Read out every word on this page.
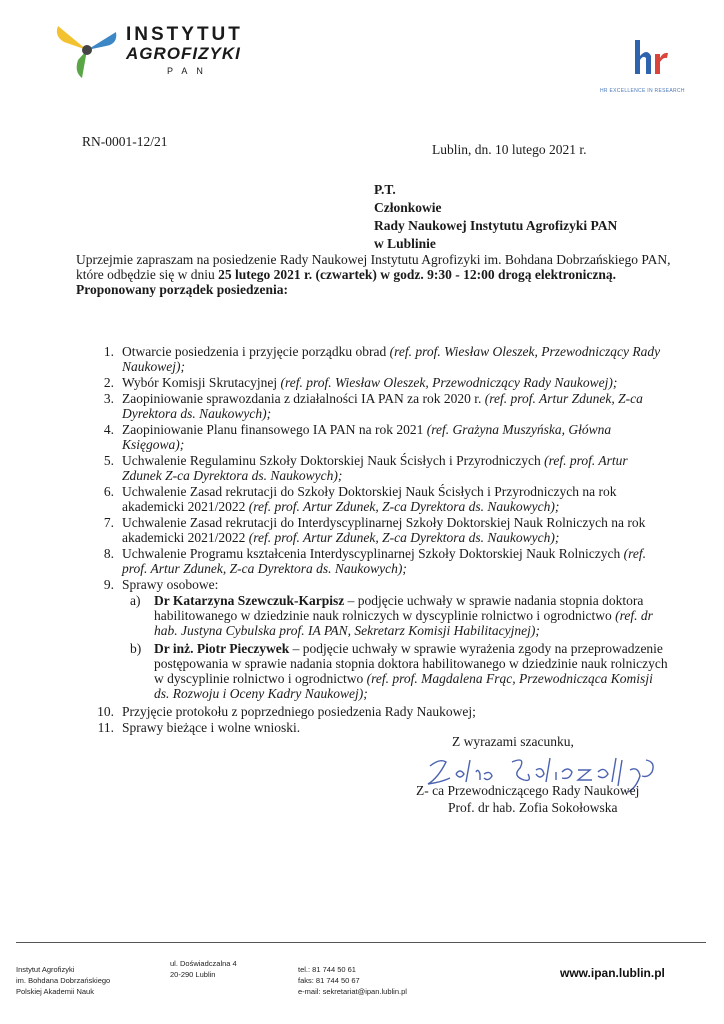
INSTYTUT
AGROFIZYKI
PAN
HR EXCELLENCE IN RESEARCH
RN-0001-12/21
Lublin, dn. 10 lutego 2021 r.
P.T.
Członkowie
Rady Naukowej Instytutu Agrofizyki PAN
w Lublinie
Uprzejmie zapraszam na posiedzenie Rady Naukowej Instytutu Agrofizyki im. Bohdana Dobrzańskiego PAN,
które odbędzie się w dniu 25 lutego 2021 r. (czwartek) w godz. 9:30 - 12:00 drogą elektroniczną.
Proponowany porządek posiedzenia:
1. Otwarcie posiedzenia i przyjęcie porządku obrad (ref. prof. Wiesław Oleszek, Przewodniczący Rady Naukowej);
2. Wybór Komisji Skrutacyjnej (ref. prof. Wiesław Oleszek, Przewodniczący Rady Naukowej);
3. Zaopiniowanie sprawozdania z działalności IA PAN za rok 2020 r. (ref. prof. Artur Zdunek, Z-ca Dyrektora ds. Naukowych);
4. Zaopiniowanie Planu finansowego IA PAN na rok 2021 (ref. Grażyna Muszyńska, Główna Księgowa);
5. Uchwalenie Regulaminu Szkoły Doktorskiej Nauk Ścisłych i Przyrodniczych (ref. prof. Artur Zdunek Z-ca Dyrektora ds. Naukowych);
6. Uchwalenie Zasad rekrutacji do Szkoły Doktorskiej Nauk Ścisłych i Przyrodniczych na rok akademicki 2021/2022 (ref. prof. Artur Zdunek, Z-ca Dyrektora ds. Naukowych);
7. Uchwalenie Zasad rekrutacji do Interdyscyplinarnej Szkoły Doktorskiej Nauk Rolniczych na rok akademicki 2021/2022 (ref. prof. Artur Zdunek, Z-ca Dyrektora ds. Naukowych);
8. Uchwalenie Programu kształcenia Interdyscyplinarnej Szkoły Doktorskiej Nauk Rolniczych (ref. prof. Artur Zdunek, Z-ca Dyrektora ds. Naukowych);
9. Sprawy osobowe:
a) Dr Katarzyna Szewczuk-Karpisz – podjęcie uchwały w sprawie nadania stopnia doktora habilitowanego w dziedzinie nauk rolniczych w dyscyplinie rolnictwo i ogrodnictwo (ref. dr hab. Justyna Cybulska prof. IA PAN, Sekretarz Komisji Habilitacyjnej);
b) Dr inż. Piotr Pieczywek – podjęcie uchwały w sprawie wyrażenia zgody na przeprowadzenie postępowania w sprawie nadania stopnia doktora habilitowanego w dziedzinie nauk rolniczych w dyscyplinie rolnictwo i ogrodnictwo (ref. prof. Magdalena Frąc, Przewodnicząca Komisji ds. Rozwoju i Oceny Kadry Naukowej);
10. Przyjęcie protokołu z poprzedniego posiedzenia Rady Naukowej;
11. Sprawy bieżące i wolne wnioski.
Z wyrazami szacunku,
Z- ca Przewodniczącego Rady Naukowej
Prof. dr hab. Zofia Sokołowska
Instytut Agrofizyki
im. Bohdana Dobrzańskiego
Polskiej Akademii Nauk
ul. Doświadczalna 4
20-290 Lublin
tel.: 81 744 50 61
faks: 81 744 50 67
e-mail: sekretariat@ipan.lublin.pl
www.ipan.lublin.pl
